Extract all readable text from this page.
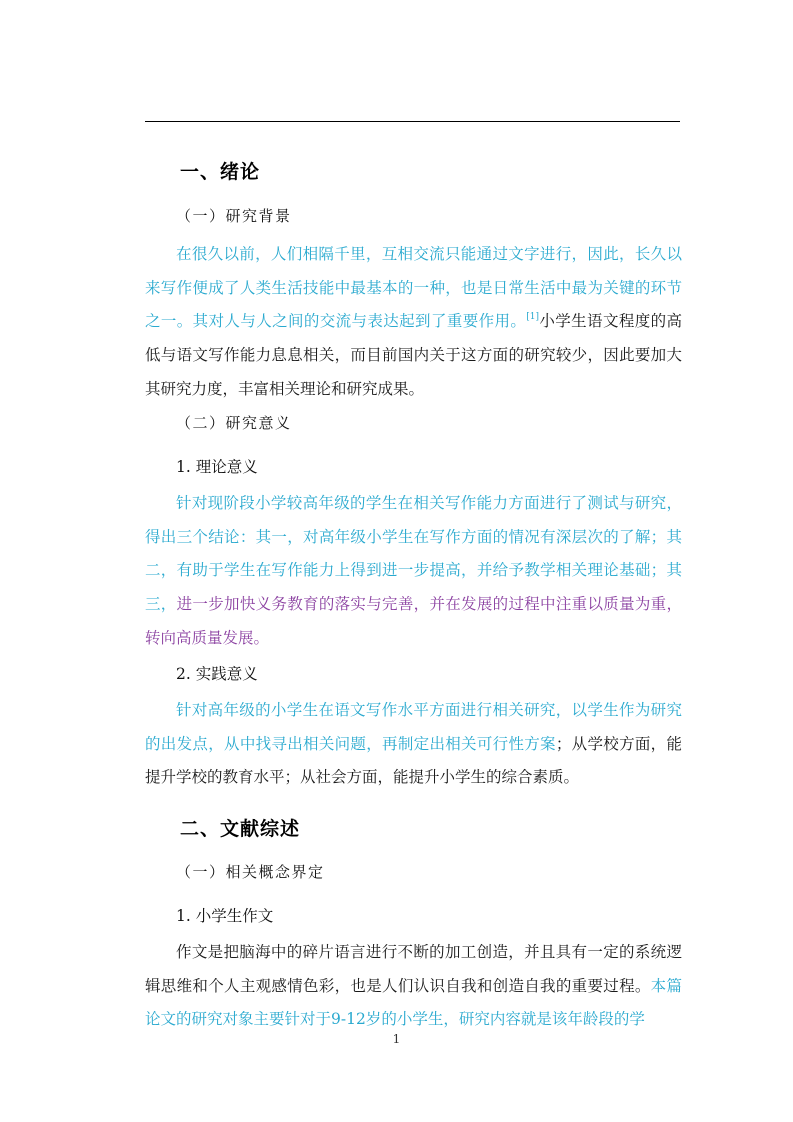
一、绪论
（一）研究背景

在很久以前，人们相隔千里，互相交流只能通过文字进行，因此，长久以来写作便成了人类生活技能中最基本的一种，也是日常生活中最为关键的环节之一。其对人与人之间的交流与表达起到了重要作用。[1]小学生语文程度的高低与语文写作能力息息相关，而目前国内关于这方面的研究较少，因此要加大其研究力度，丰富相关理论和研究成果。

（二）研究意义
1. 理论意义

针对现阶段小学较高年级的学生在相关写作能力方面进行了测试与研究，得出三个结论：其一，对高年级小学生在写作方面的情况有深层次的了解；其二，有助于学生在写作能力上得到进一步提高，并给予教学相关理论基础；其三，进一步加快义务教育的落实与完善，并在发展的过程中注重以质量为重，转向高质量发展。

2. 实践意义

针对高年级的小学生在语文写作水平方面进行相关研究，以学生作为研究的出发点，从中找寻出相关问题，再制定出相关可行性方案；从学校方面，能提升学校的教育水平；从社会方面，能提升小学生的综合素质。

二、文献综述
（一）相关概念界定
1. 小学生作文

作文是把脑海中的碎片语言进行不断的加工创造，并且具有一定的系统逻辑思维和个人主观感情色彩，也是人们认识自我和创造自我的重要过程。本篇论文的研究对象主要针对于9-12岁的小学生，研究内容就是该年龄段的学

1
